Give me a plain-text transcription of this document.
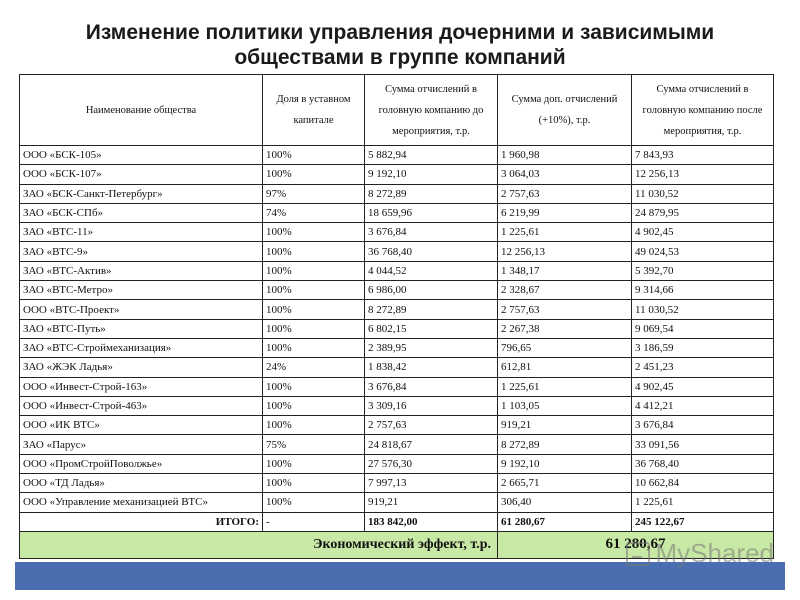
Изменение политики управления дочерними и зависимыми
обществами в группе компаний
Наименование общества	Доля в уставном капитале	Сумма отчислений в головную компанию до мероприятия, т.р.	Сумма доп. отчислений (+10%), т.р.	Сумма отчислений в головную компанию после мероприятия, т.р.
ООО «БСК-105»	100%	5 882,94	1 960,98	7 843,93
ООО «БСК-107»	100%	9 192,10	3 064,03	12 256,13
ЗАО «БСК-Санкт-Петербург»	97%	8 272,89	2 757,63	11 030,52
ЗАО «БСК-СПб»	74%	18 659,96	6 219,99	24 879,95
ЗАО «ВТС-11»	100%	3 676,84	1 225,61	4 902,45
ЗАО «ВТС-9»	100%	36 768,40	12 256,13	49 024,53
ЗАО «ВТС-Актив»	100%	4 044,52	1 348,17	5 392,70
ЗАО «ВТС-Метро»	100%	6 986,00	2 328,67	9 314,66
ООО «ВТС-Проект»	100%	8 272,89	2 757,63	11 030,52
ЗАО «ВТС-Путь»	100%	6 802,15	2 267,38	9 069,54
ЗАО «ВТС-Строймеханизация»	100%	2 389,95	796,65	3 186,59
ЗАО «ЖЭК Ладья»	24%	1 838,42	612,81	2 451,23
ООО «Инвест-Строй-163»	100%	3 676,84	1 225,61	4 902,45
ООО «Инвест-Строй-463»	100%	3 309,16	1 103,05	4 412,21
ООО «ИК ВТС»	100%	2 757,63	919,21	3 676,84
ЗАО «Парус»	75%	24 818,67	8 272,89	33 091,56
ООО «ПромСтройПоволжье»	100%	27 576,30	9 192,10	36 768,40
ООО «ТД Ладья»	100%	7 997,13	2 665,71	10 662,84
ООО «Управление механизацией ВТС»	100%	919,21	306,40	1 225,61
ИТОГО:	-	183 842,00	61 280,67	245 122,67
Экономический эффект, т.р.			61 280,67	
MyShared
